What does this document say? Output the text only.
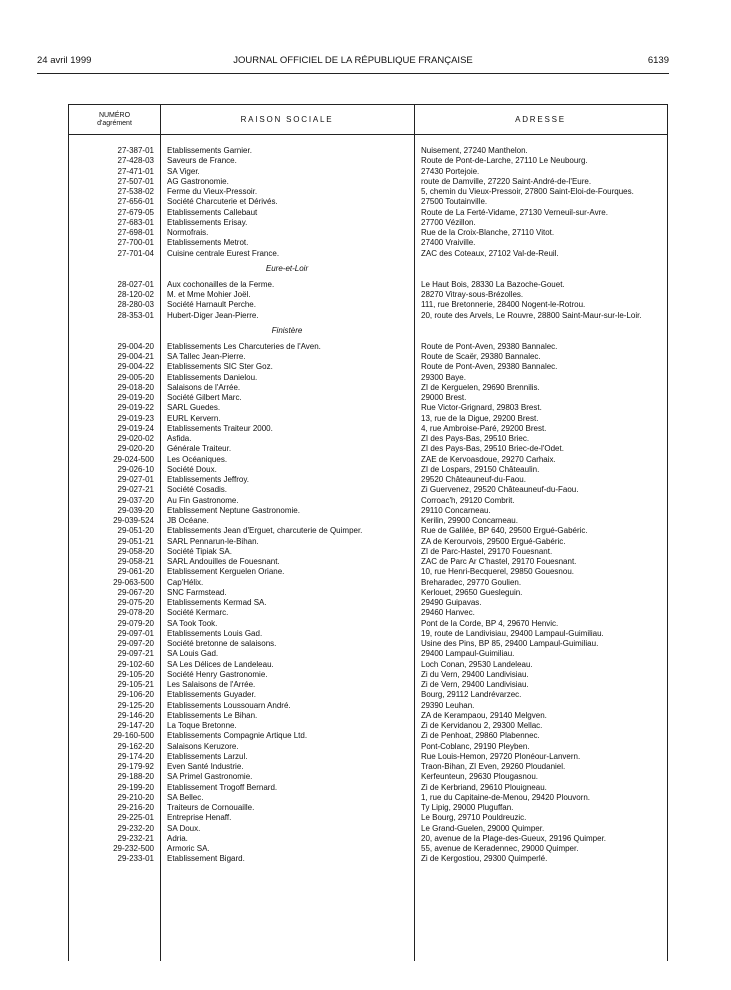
24 avril 1999	JOURNAL OFFICIEL DE LA RÉPUBLIQUE FRANÇAISE	6139
NUMÉRO
d'agrément	RAISON SOCIALE	ADRESSE
27-387-01 Etablissements Garnier.	Nuisement, 27240 Manthelon.
27-428-03 Saveurs de France.	Route de Pont-de-Larche, 27110 Le Neubourg.
27-471-01 SA Viger.	27430 Portejoie.
27-507-01 AG Gastronomie.	route de Damville, 27220 Saint-André-de-l'Eure.
27-538-02 Ferme du Vieux-Pressoir.	5, chemin du Vieux-Pressoir, 27800 Saint-Eloi-de-Fourques.
27-656-01 Société Charcuterie et Dérivés.	27500 Toutainville.
27-679-05 Etablissements Callebaut	Route de La Ferté-Vidame, 27130 Verneuil-sur-Avre.
27-683-01 Etablissements Erisay.	27700 Vézillon.
27-698-01 Normofrais.	Rue de la Croix-Blanche, 27110 Vitot.
27-700-01 Etablissements Metrot.	27400 Vraiville.
27-701-04 Cuisine centrale Eurest France.	ZAC des Coteaux, 27102 Val-de-Reuil.
Eure-et-Loir
28-027-01 Aux cochonailles de la Ferme.	Le Haut Bois, 28330 La Bazoche-Gouet.
28-120-02 M. et Mme Mohier Joël.	28270 Vitray-sous-Brézolles.
28-280-03 Société Harnault Perche.	111, rue Bretonnerie, 28400 Nogent-le-Rotrou.
28-353-01 Hubert-Diger Jean-Pierre.	20, route des Arvels, Le Rouvre, 28800 Saint-Maur-sur-le-Loir.
Finistère
29-004-20 Etablissements Les Charcuteries de l'Aven.	Route de Pont-Aven, 29380 Bannalec.
29-004-21 SA Tallec Jean-Pierre.	Route de Scaër, 29380 Bannalec.
29-004-22 Etablissements SIC Ster Goz.	Route de Pont-Aven, 29380 Bannalec.
29-005-20 Etablissements Danielou.	29300 Baye.
29-018-20 Salaisons de l'Arrée.	ZI de Kerguelen, 29690 Brennilis.
29-019-20 Société Gilbert Marc.	29000 Brest.
29-019-22 SARL Guedes.	Rue Victor-Grignard, 29803 Brest.
29-019-23 EURL Kervern.	13, rue de la Digue, 29200 Brest.
29-019-24 Etablissements Traiteur 2000.	4, rue Ambroise-Paré, 29200 Brest.
29-020-02 Asfida.	ZI des Pays-Bas, 29510 Briec.
29-020-20 Générale Traiteur.	ZI des Pays-Bas, 29510 Briec-de-l'Odet.
29-024-500 Les Océaniques.	ZAE de Kervoasdoue, 29270 Carhaix.
29-026-10 Société Doux.	ZI de Lospars, 29150 Châteaulin.
29-027-01 Etablissements Jeffroy.	29520 Châteauneuf-du-Faou.
29-027-21 Société Cosadis.	Zi Guervenez, 29520 Châteauneuf-du-Faou.
29-037-20 Au Fin Gastronome.	Corroac'h, 29120 Combrit.
29-039-20 Etablissement Neptune Gastronomie.	29110 Concarneau.
29-039-524 JB Océane.	Kerilin, 29900 Concarneau.
29-051-20 Etablissements Jean d'Erguet, charcuterie de Quimper.	Rue de Galilée, BP 640, 29500 Ergué-Gabéric.
29-051-21 SARL Pennarun-le-Bihan.	ZA de Kerourvois, 29500 Ergué-Gabéric.
29-058-20 Société Tipiak SA.	ZI de Parc-Hastel, 29170 Fouesnant.
29-058-21 SARL Andouilles de Fouesnant.	ZAC de Parc Ar C'hastel, 29170 Fouesnant.
29-061-20 Etablissement Kerguelen Oriane.	10, rue Henri-Becquerel, 29850 Gouesnou.
29-063-500 Cap'Hélix.	Breharadec, 29770 Goulien.
29-067-20 SNC Farmstead.	Kerlouet, 29650 Guesleguin.
29-075-20 Etablissements Kermad SA.	29490 Guipavas.
29-078-20 Société Kermarc.	29460 Hanvec.
29-079-20 SA Took Took.	Pont de la Corde, BP 4, 29670 Henvic.
29-097-01 Etablissements Louis Gad.	19, route de Landivisiau, 29400 Lampaul-Guimiliau.
29-097-20 Société bretonne de salaisons.	Usine des Pins, BP 85, 29400 Lampaul-Guimiliau.
29-097-21 SA Louis Gad.	29400 Lampaul-Guimiliau.
29-102-60 SA Les Délices de Landeleau.	Loch Conan, 29530 Landeleau.
29-105-20 Société Henry Gastronomie.	Zi du Vern, 29400 Landivisiau.
29-105-21 Les Salaisons de l'Arrée.	Zi de Vern, 29400 Landivisiau.
29-106-20 Etablissements Guyader.	Bourg, 29112 Landrévarzec.
29-125-20 Etablissements Loussouarn André.	29390 Leuhan.
29-146-20 Etablissements Le Bihan.	ZA de Kerampaou, 29140 Melgven.
29-147-20 La Toque Bretonne.	Zi de Kervidanou 2, 29300 Mellac.
29-160-500 Etablissements Compagnie Artique Ltd.	Zi de Penhoat, 29860 Plabennec.
29-162-20 Salaisons Keruzore.	Pont-Coblanc, 29190 Pleyben.
29-174-20 Etablissements Larzul.	Rue Louis-Hemon, 29720 Plonéour-Lanvern.
29-179-92 Even Santé Industrie.	Traon-Bihan, ZI Even, 29260 Ploudaniel.
29-188-20 SA Primel Gastronomie.	Kerfeunteun, 29630 Plougasnou.
29-199-20 Etablissement Trogoff Bernard.	Zi de Kerbriand, 29610 Plouigneau.
29-210-20 SA Bellec.	1, rue du Capitaine-de-Menou, 29420 Plouvorn.
29-216-20 Traiteurs de Cornouaille.	Ty Lipig, 29000 Pluguffan.
29-225-01 Entreprise Henaff.	Le Bourg, 29710 Pouldreuzic.
29-232-20 SA Doux.	Le Grand-Guelen, 29000 Quimper.
29-232-21 Adria.	20, avenue de la Plage-des-Gueux, 29196 Quimper.
29-232-500 Armoric SA.	55, avenue de Keradennec, 29000 Quimper.
29-233-01 Etablissement Bigard.	Zi de Kergostiou, 29300 Quimperlé.
